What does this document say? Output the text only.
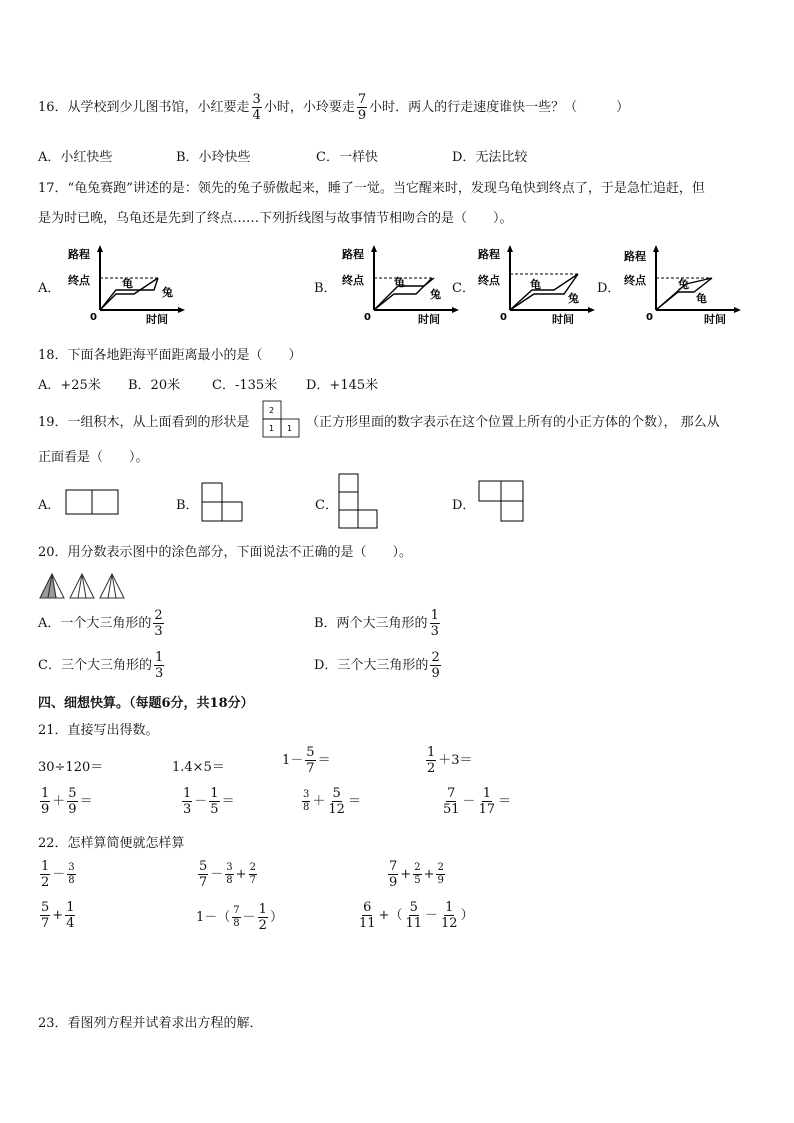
16．从学校到少儿图书馆，小红要走 $\frac{3}{4}$ 小时，小玲要走 $\frac{7}{9}$ 小时．两人的行走速度谁快一些？（　　　）
A．小红快些	B．小玲快些	C．一样快	D．无法比较
17．“龟兔赛跑”讲述的是：领先的兔子骄傲起来，睡了一觉。当它醒来时，发现乌龟快到终点了，于是急忙追赶，但
是为时已晚，乌龟还是先到了终点……下列折线图与故事情节相吻合的是（　　）。
A．	B．	C．	D．
路程
终点
0	时间
龟
兔
路程
终点
0	时间
龟
兔
路程
终点
0	时间
龟
兔
路程
终点
0	时间
兔
龟
18．下面各地距海平面距离最小的是（　　）
A．+25米 B．20米 C．-135米 D．+145米
19．一组积木，从上面看到的形状是
2
1 1 （正方形里面的数字表示在这个位置上所有的小正方体的个数）， 那么从
正面看是（　　）。
A．	B．	C．	D．
20．用分数表示图中的涂色部分，下面说法不正确的是（　　）。
A．一个大三角形的 $\frac{2}{3}$	B．两个大三角形的 $\frac{1}{3}$
C．三个大三角形的 $\frac{1}{3}$	D．三个大三角形的 $\frac{2}{9}$
四、细想快算。（每题6分，共18分）
21．直接写出得数。
30÷120＝	1.4×5＝	$1- \frac{5}{7}$ ＝	$\frac{1}{2} +3=$
$\frac{1}{9} + \frac{5}{9}$ ＝	$\frac{1}{3} - \frac{1}{5}$ ＝	$\frac{3}{8} + \frac{5}{12}$ ＝	$\frac{7}{51} - \frac{1}{17}$ ＝
22．怎样算简便就怎样算
$\frac{1}{2} - \frac{3}{8}$	$\frac{5}{7} - \frac{3}{8} + \frac{2}{7}$	$\frac{7}{9} + \frac{2}{5} + \frac{2}{9}$
$\frac{5}{7} + \frac{1}{4}$	$1-( \frac{7}{8} - \frac{1}{2}$ ）	$\frac{6}{11}$ +（ $\frac{5}{11} - \frac{1}{12}$ ）
23．看图列方程并试着求出方程的解．
